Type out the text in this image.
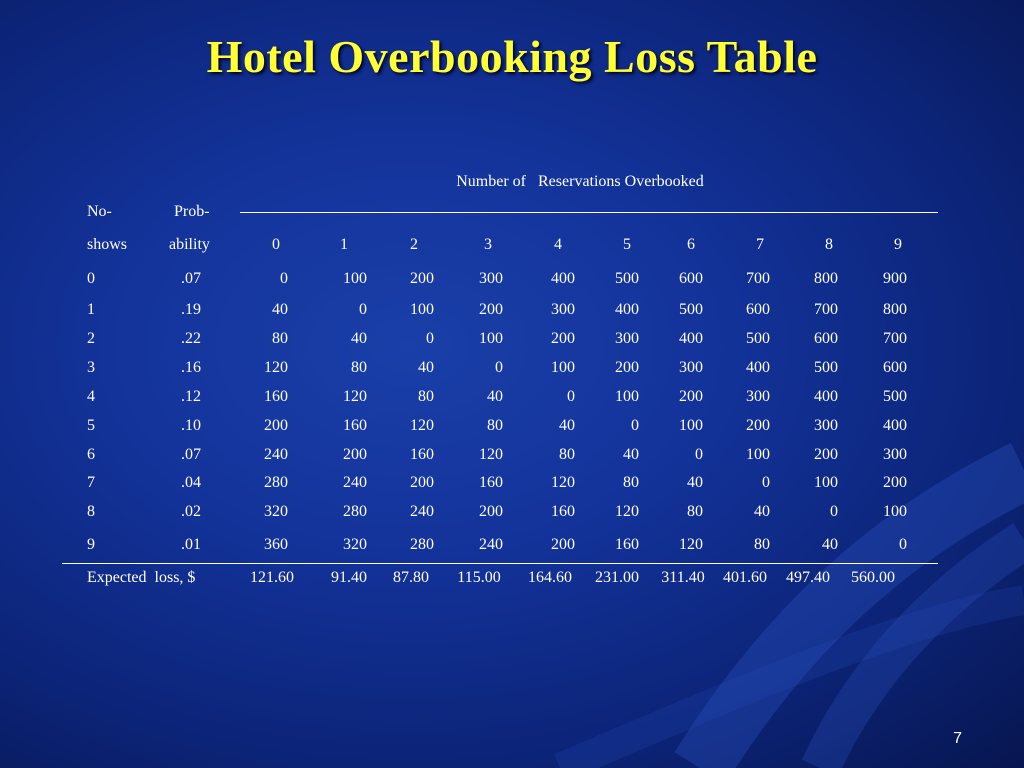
Hotel Overbooking Loss Table
Number of   Reservations Overbooked
No-	Prob-
shows	ability	0	1	2	3	4	5	6	7	8	9
0	.07	0	100	200	300	400	500	600	700	800	900
1	.19	40	0	100	200	300	400	500	600	700	800
2	.22	80	40	0	100	200	300	400	500	600	700
3	.16	120	80	40	0	100	200	300	400	500	600
4	.12	160	120	80	40	0	100	200	300	400	500
5	.10	200	160	120	80	40	0	100	200	300	400
6	.07	240	200	160	120	80	40	0	100	200	300
7	.04	280	240	200	160	120	80	40	0	100	200
8	.02	320	280	240	200	160	120	80	40	0	100
9	.01	360	320	280	240	200	160	120	80	40	0
Expected  loss, $	121.60	91.40	87.80	115.00	164.60	231.00	311.40	401.60	497.40	560.00
7
